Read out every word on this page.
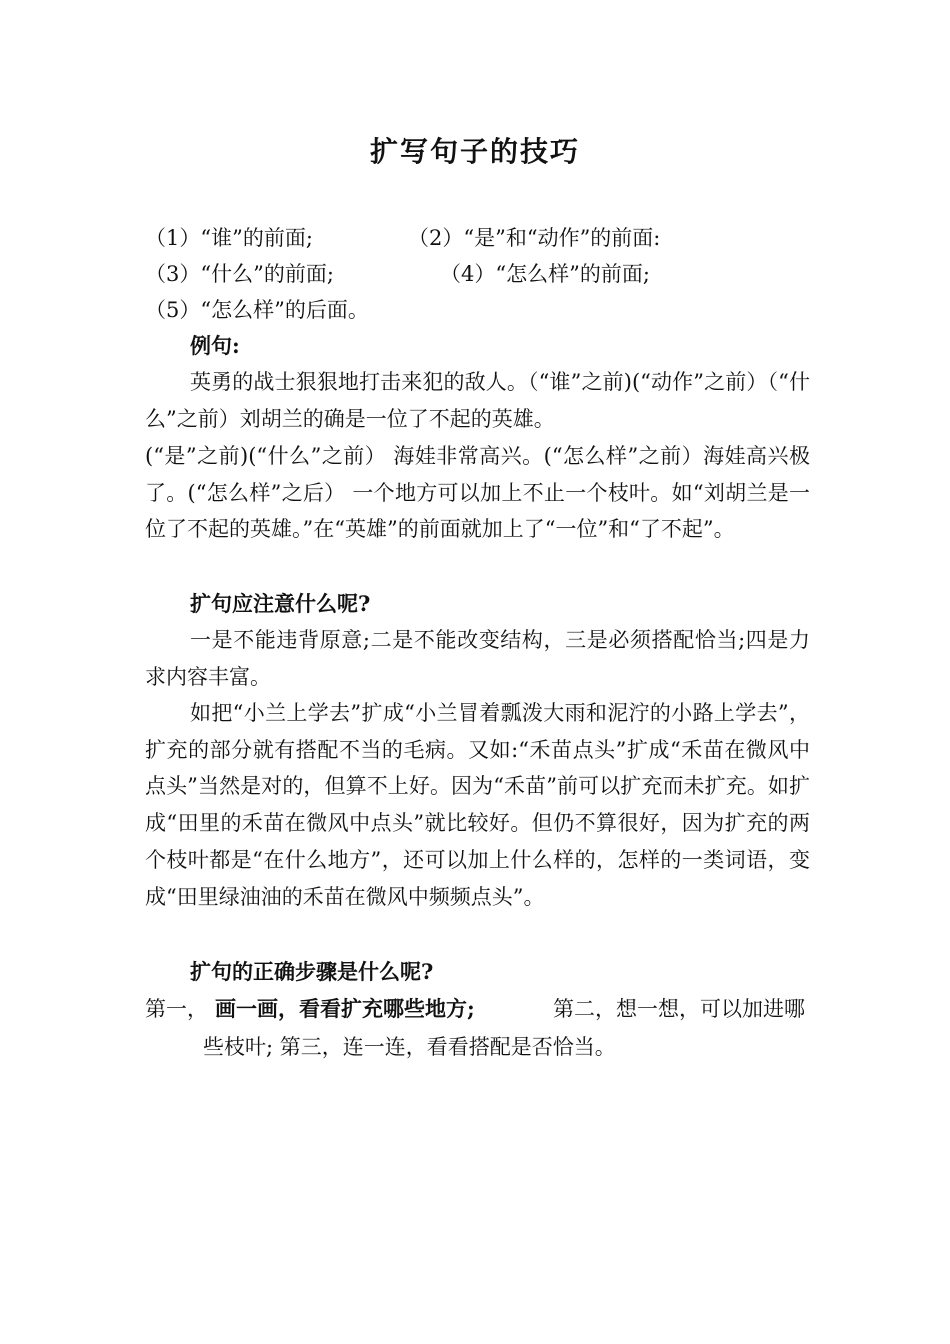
扩写句子的技巧
（1）“谁”的前面;	（2）“是”和“动作”的前面:
（3）“什么”的前面;	（4）“怎么样”的前面;
（5）“怎么样”的后面。
例句:
英勇的战士狠狠地打击来犯的敌人。（“谁”之前)(“动作”之前）（“什么”之前）刘胡兰的确是一位了不起的英雄。
(“是”之前)(“什么”之前） 海娃非常高兴。(“怎么样”之前）海娃高兴极了。(“怎么样”之后） 一个地方可以加上不止一个枝叶。如“刘胡兰是一位了不起的英雄。”在“英雄”的前面就加上了“一位”和“了不起”。
扩句应注意什么呢?
一是不能违背原意;二是不能改变结构，三是必须搭配恰当;四是力求内容丰富。
如把“小兰上学去”扩成“小兰冒着瓢泼大雨和泥泞的小路上学去”，扩充的部分就有搭配不当的毛病。又如:“禾苗点头”扩成“禾苗在微风中点头”当然是对的，但算不上好。因为“禾苗”前可以扩充而未扩充。如扩成“田里的禾苗在微风中点头”就比较好。但仍不算很好，因为扩充的两个枝叶都是“在什么地方”，还可以加上什么样的，怎样的一类词语，变成“田里绿油油的禾苗在微风中频频点头”。
扩句的正确步骤是什么呢?
第一， 画一画，看看扩充哪些地方;	第二，想一想，可以加进哪
些枝叶; 第三，连一连，看看搭配是否恰当。
